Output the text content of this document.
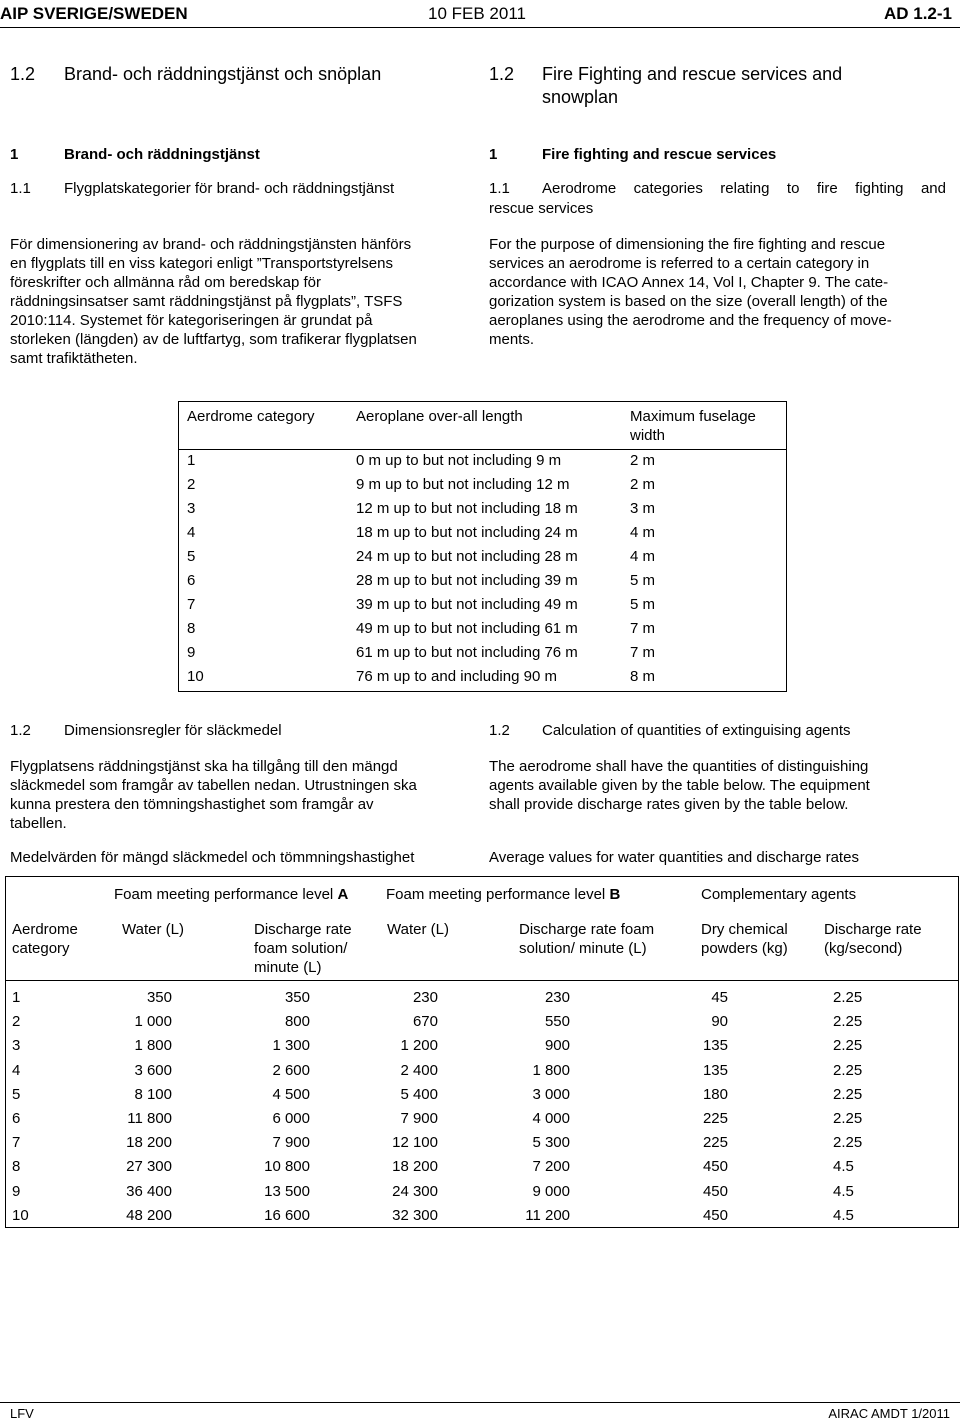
AIP SVERIGE/SWEDEN	10 FEB 2011	AD 1.2-1
1.2 Brand- och räddningstjänst och snöplan	1.2 Fire Fighting and rescue services and
snowplan
1	Brand- och räddningstjänst	1	Fire fighting and rescue services
1.1 Flygplatskategorier för brand- och räddningstjänst	1.1 Aerodrome categories relating to fire fighting and
rescue services
För dimensionering av brand- och räddningstjänsten hänförs
en flygplats till en viss kategori enligt ”Transportstyrelsens
föreskrifter och allmänna råd om beredskap för
räddningsinsatser samt räddningstjänst på flygplats”, TSFS
2010:114. Systemet för kategoriseringen är grundat på
storleken (längden) av de luftfartyg, som trafikerar flygplatsen
samt trafiktätheten.
For the purpose of dimensioning the fire fighting and rescue
services an aerodrome is referred to a certain category in
accordance with ICAO Annex 14, Vol I, Chapter 9. The cate-
gorization system is based on the size (overall length) of the
aeroplanes using the aerodrome and the frequency of move-
ments.
Aerdrome category	Aeroplane over-all length	Maximum fuselage
width
1	0 m up to but not including 9 m	2 m
2	9 m up to but not including 12 m	2 m
3	12 m up to but not including 18 m	3 m
4	18 m up to but not including 24 m	4 m
5	24 m up to but not including 28 m	4 m
6	28 m up to but not including 39 m	5 m
7	39 m up to but not including 49 m	5 m
8	49 m up to but not including 61 m	7 m
9	61 m up to but not including 76 m	7 m
10	76 m up to and including 90 m	8 m
1.2 Dimensionsregler för släckmedel	1.2 Calculation of quantities of extinguising agents
Flygplatsens räddningstjänst ska ha tillgång till den mängd
släckmedel som framgår av tabellen nedan. Utrustningen ska
kunna prestera den tömningshastighet som framgår av
tabellen.
The aerodrome shall have the quantities of distinguishing
agents available given by the table below. The equipment
shall provide discharge rates given by the table below.
Medelvärden för mängd släckmedel och tömmningshastighet	Average values for water quantities and discharge rates
Foam meeting performance level A	Foam meeting performance level B	Complementary agents
Aerdrome
category
Water (L)	Discharge rate
foam solution/
minute (L)
Water (L)	Discharge rate foam
solution/ minute (L)
Dry chemical
powders (kg)
Discharge rate
(kg/second)
1	350	350	230	230	45	2.25
2	1 000	800	670	550	90	2.25
3	1 800	1 300	1 200	900	135	2.25
4	3 600	2 600	2 400	1 800	135	2.25
5	8 100	4 500	5 400	3 000	180	2.25
6	11 800	6 000	7 900	4 000	225	2.25
7	18 200	7 900	12 100	5 300	225	2.25
8	27 300	10 800	18 200	7 200	450	4.5
9	36 400	13 500	24 300	9 000	450	4.5
10	48 200	16 600	32 300	11 200	450	4.5
LFV	AIRAC AMDT 1/2011
